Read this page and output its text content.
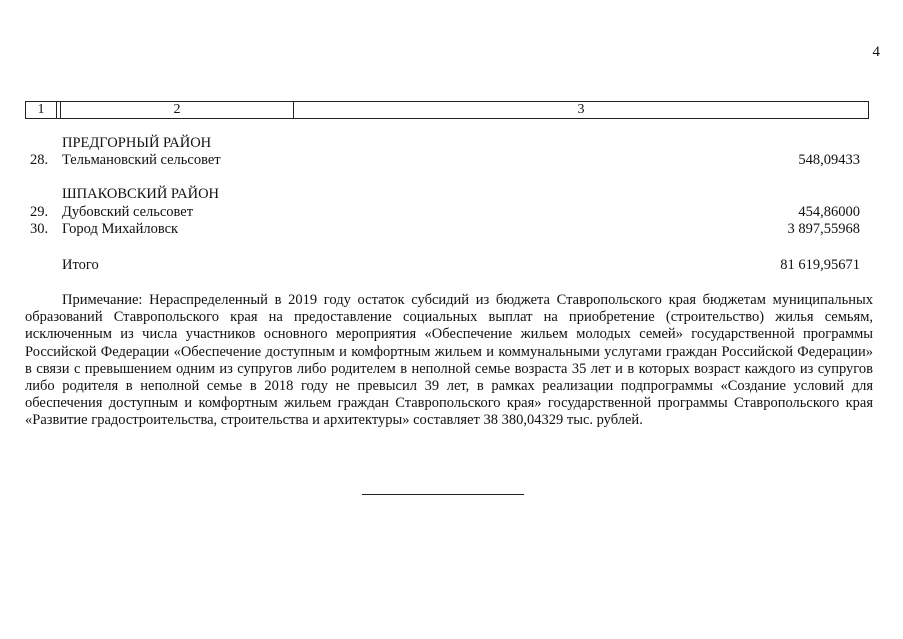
4
1	2	3
ПРЕДГОРНЫЙ РАЙОН
28. Тельмановский сельсовет	548,09433
ШПАКОВСКИЙ РАЙОН
29. Дубовский сельсовет	454,86000
30. Город Михайловск	3 897,55968
Итого	81 619,95671
Примечание: Нераспределенный в 2019 году остаток субсидий из бюджета Ставропольского края бюджетам муниципальных образований Ставропольского края на предоставление социальных выплат на приобретение (строительство) жилья семьям, исключенным из числа участников основного мероприятия «Обеспечение жильем молодых семей» государственной программы Российской Федерации «Обеспечение доступным и комфортным жильем и коммунальными услугами граждан Российской Федерации» в связи с превышением одним из супругов либо родителем в неполной семье возраста 35 лет и в которых возраст каждого из супругов либо родителя в неполной семье в 2018 году не превысил 39 лет, в рамках реализации подпрограммы «Создание условий для обеспечения доступным и комфортным жильем граждан Ставропольского края» государственной программы Ставропольского края «Развитие градостроительства, строительства и архитектуры» составляет 38 380,04329 тыс. рублей.
